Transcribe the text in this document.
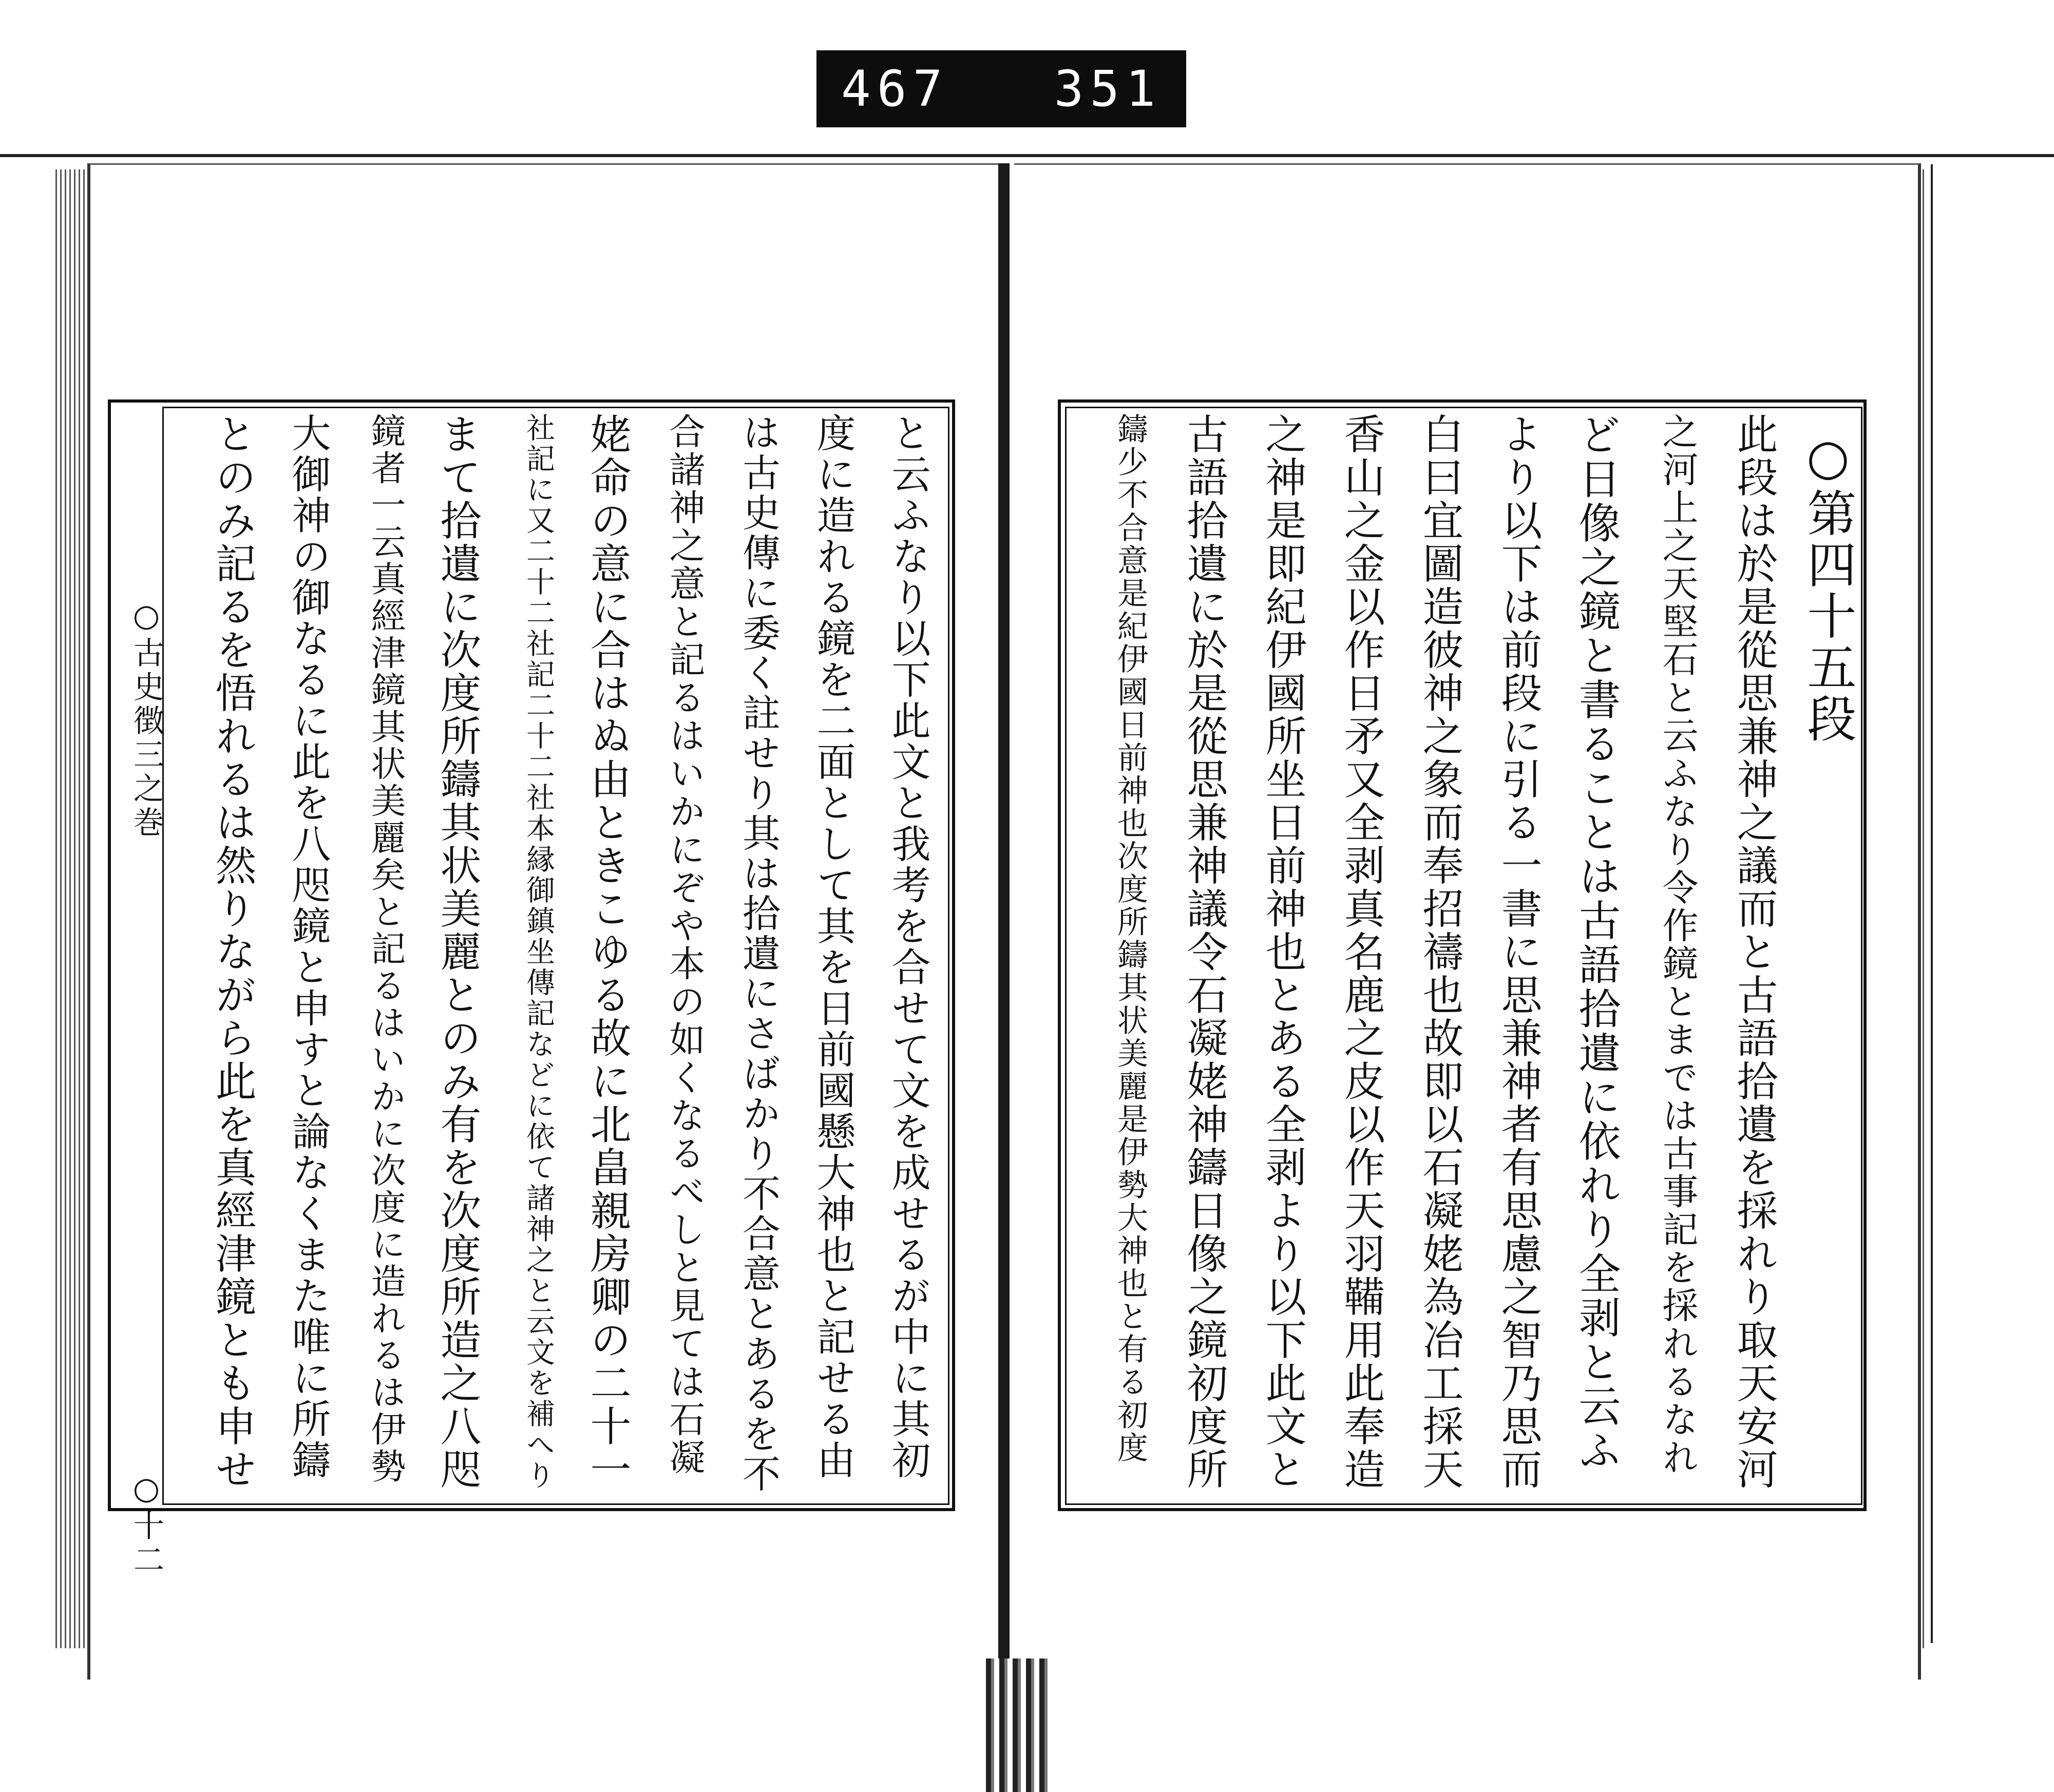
467 351
○古史徴三之巻
○十二
と云ふなり以下此文と我考を合せて文を成せるが中に其初
度に造れる鏡を二面として其を日前國懸大神也と記せる由
は古史傳に委く註せり其は拾遺にさばかり不合意とあるを不
合諸神之意と記るはいかにぞや本の如くなるべしと見ては石凝
姥命の意に合はぬ由ときこゆる故に北畠親房卿の二十一
社記に又二十二社記二十二社本縁御鎮坐傳記などに依て諸神之と云文を補へり
まて拾遺に次度所鑄其状美麗とのみ有を次度所造之八咫
鏡者一云真經津鏡其状美麗矣と記るはいかに次度に造れるは伊勢
大御神の御なるに此を八咫鏡と申すと論なくまた唯に所鑄
とのみ記るを悟れるは然りながら此を真經津鏡とも申せ	○第四十五段
此段は於是從思兼神之議而と古語拾遺を採れり取天安河
之河上之天堅石と云ふなり令作鏡とまでは古事記を採れるなれ
ど日像之鏡と書ることは古語拾遺に依れり全剥と云ふ
より以下は前段に引る一書に思兼神者有思慮之智乃思而
白曰宜圖造彼神之象而奉招禱也故即以石凝姥為冶工採天
香山之金以作日矛又全剥真名鹿之皮以作天羽鞴用此奉造
之神是即紀伊國所坐日前神也とある全剥より以下此文と
古語拾遺に於是從思兼神議令石凝姥神鑄日像之鏡初度所
鑄少不合意是紀伊國日前神也次度所鑄其状美麗是伊勢大神也と有る初度
